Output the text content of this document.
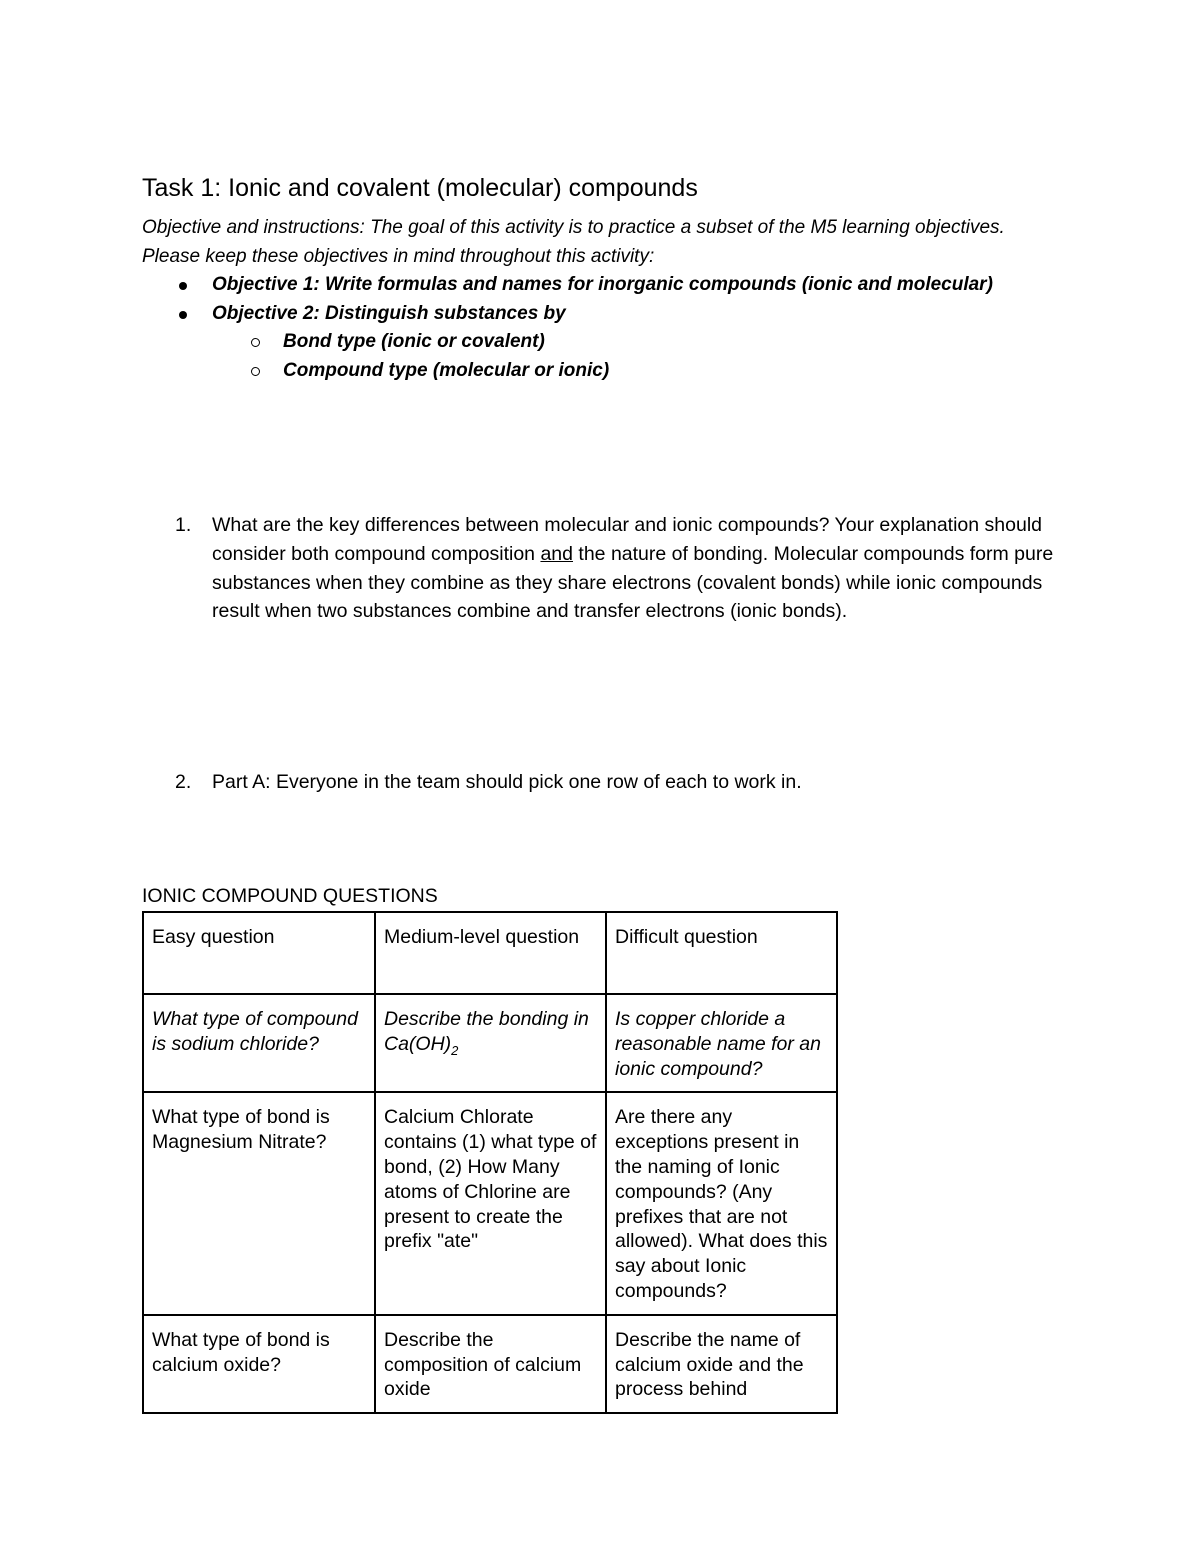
Task 1: Ionic and covalent (molecular) compounds

Objective and instructions: The goal of this activity is to practice a subset of the M5 learning objectives. Please keep these objectives in mind throughout this activity:

Objective 1: Write formulas and names for inorganic compounds (ionic and molecular)
Objective 2: Distinguish substances by
Bond type (ionic or covalent)
Compound type (molecular or ionic)
1. What are the key differences between molecular and ionic compounds? Your explanation should consider both compound composition and the nature of bonding. Molecular compounds form pure substances when they combine as they share electrons (covalent bonds) while ionic compounds result when two substances combine and transfer electrons (ionic bonds).
2. Part A: Everyone in the team should pick one row of each to work in.
IONIC COMPOUND QUESTIONS
Easy question	Medium-level question	Difficult question
What type of compound is sodium chloride?	Describe the bonding in $Ca(OH)_2$	Is copper chloride a reasonable name for an ionic compound?
What type of bond is Magnesium Nitrate?	Calcium Chlorate contains (1) what type of bond, (2) How Many atoms of Chlorine are present to create the prefix "ate"	Are there any exceptions present in the naming of Ionic compounds? (Any prefixes that are not allowed). What does this say about Ionic compounds?
What type of bond is calcium oxide?	Describe the composition of calcium oxide	Describe the name of calcium oxide and the process behind
